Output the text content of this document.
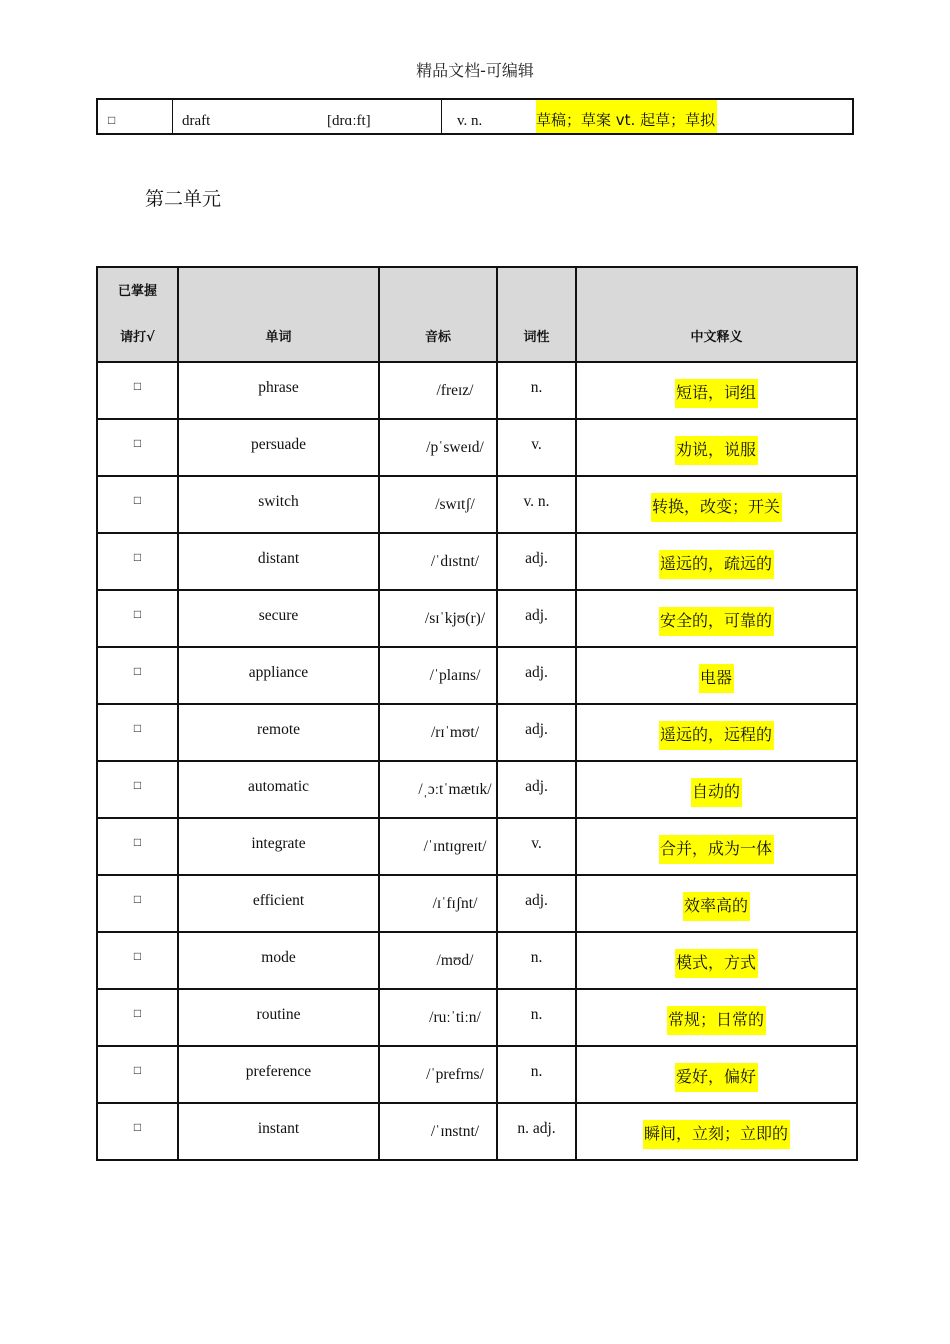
精品文档-可编辑
□	draft	[drɑːft]	v. n.	草稿；草案 vt. 起草；草拟
第二单元
已掌握
请打√	单词	音标	词性	中文释义

□	phrase	/freɪz/	n.	短语，词组

□	persuade	/pˈsweɪd/	v.	劝说，说服

□	switch	/swɪtʃ/	v. n.	转换，改变；开关

□	distant	/ˈdɪstnt/	adj.	遥远的，疏远的

□	secure	/sɪˈkjʊ(r)/	adj.	安全的，可靠的

□	appliance	/ˈplaɪns/	adj.	电器

□	remote	/rɪˈmʊt/	adj.	遥远的，远程的

□	automatic	/ˌɔːtˈmætɪk/	adj.	自动的

□	integrate	/ˈɪntɪɡreɪt/	v.	合并，成为一体

□	efficient	/ɪˈfɪʃnt/	adj.	效率高的

□	mode	/mʊd/	n.	模式，方式

□	routine	/ruːˈtiːn/	n.	常规；日常的

□	preference	/ˈprefrns/	n.	爱好，偏好

□	instant	/ˈɪnstnt/	n. adj.	瞬间，立刻；立即的
